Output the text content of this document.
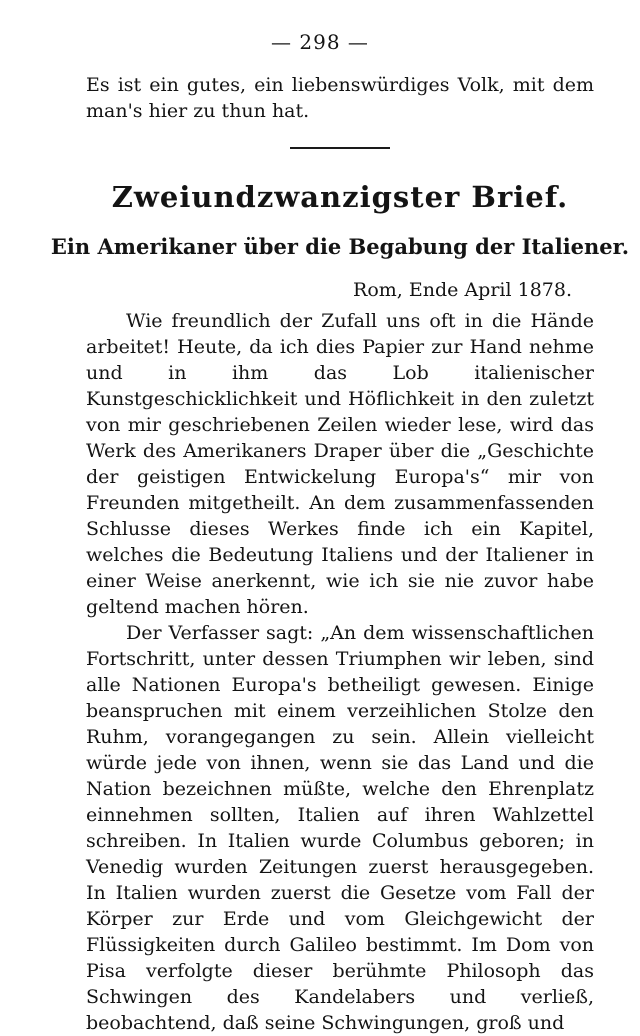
— 298 —

Es ist ein gutes, ein liebenswürdiges Volk, mit dem man's hier zu thun hat.

Zweiundzwanzigster Brief.
Ein Amerikaner über die Begabung der Italiener.
Rom, Ende April 1878.

Wie freundlich der Zufall uns oft in die Hände arbeitet! Heute, da ich dies Papier zur Hand nehme und in ihm das Lob italienischer Kunstgeschicklichkeit und Höflichkeit in den zuletzt von mir geschriebenen Zeilen wieder lese, wird das Werk des Amerikaners Draper über die „Geschichte der geistigen Entwickelung Europa's“ mir von Freunden mitgetheilt. An dem zusammenfassenden Schlusse dieses Werkes finde ich ein Kapitel, welches die Bedeutung Italiens und der Italiener in einer Weise anerkennt, wie ich sie nie zuvor habe geltend machen hören.

Der Verfasser sagt: „An dem wissenschaftlichen Fortschritt, unter dessen Triumphen wir leben, sind alle Nationen Europa's betheiligt gewesen. Einige beanspruchen mit einem verzeihlichen Stolze den Ruhm, vorangegangen zu sein. Allein vielleicht würde jede von ihnen, wenn sie das Land und die Nation bezeichnen müßte, welche den Ehrenplatz einnehmen sollten, Italien auf ihren Wahlzettel schreiben. In Italien wurde Columbus geboren; in Venedig wurden Zeitungen zuerst herausgegeben. In Italien wurden zuerst die Gesetze vom Fall der Körper zur Erde und vom Gleichgewicht der Flüssigkeiten durch Galileo bestimmt. Im Dom von Pisa verfolgte dieser berühmte Philosoph das Schwingen des Kandelabers und verließ, beobachtend, daß seine Schwingungen, groß und
